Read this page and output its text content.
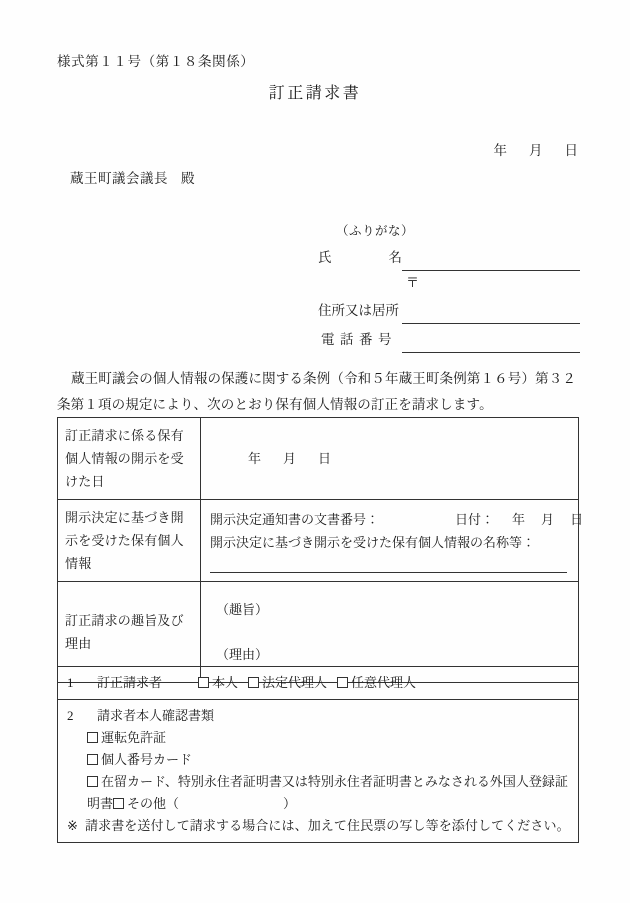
様式第１１号（第１８条関係）
訂正請求書
年 月 日
蔵王町議会議長 殿
（ふりがな）
氏	名
〒
住所又は居所
電話番号
蔵王町議会の個人情報の保護に関する条例（令和５年蔵王町条例第１６号）第３２条第１項の規定により、次のとおり保有個人情報の訂正を請求します。
訂正請求に係る保有個人情報の開示を受けた日	年 月 日

開示決定に基づき開示を受けた保有個人情報	開示決定通知書の文書番号： 日付： 年 月 日
開示決定に基づき開示を受けた保有個人情報の名称等：

訂正請求の趣旨及び理由	（趣旨）
（理由）
1 訂正請求者	本人 法定代理人 任意代理人

2 請求者本人確認書類
運転免許証
個人番号カード
在留カード、特別永住者証明書又は特別永住者証明書とみなされる外国人登録証明書 その他（	）
※ 請求書を送付して請求する場合には、加えて住民票の写し等を添付してください。
